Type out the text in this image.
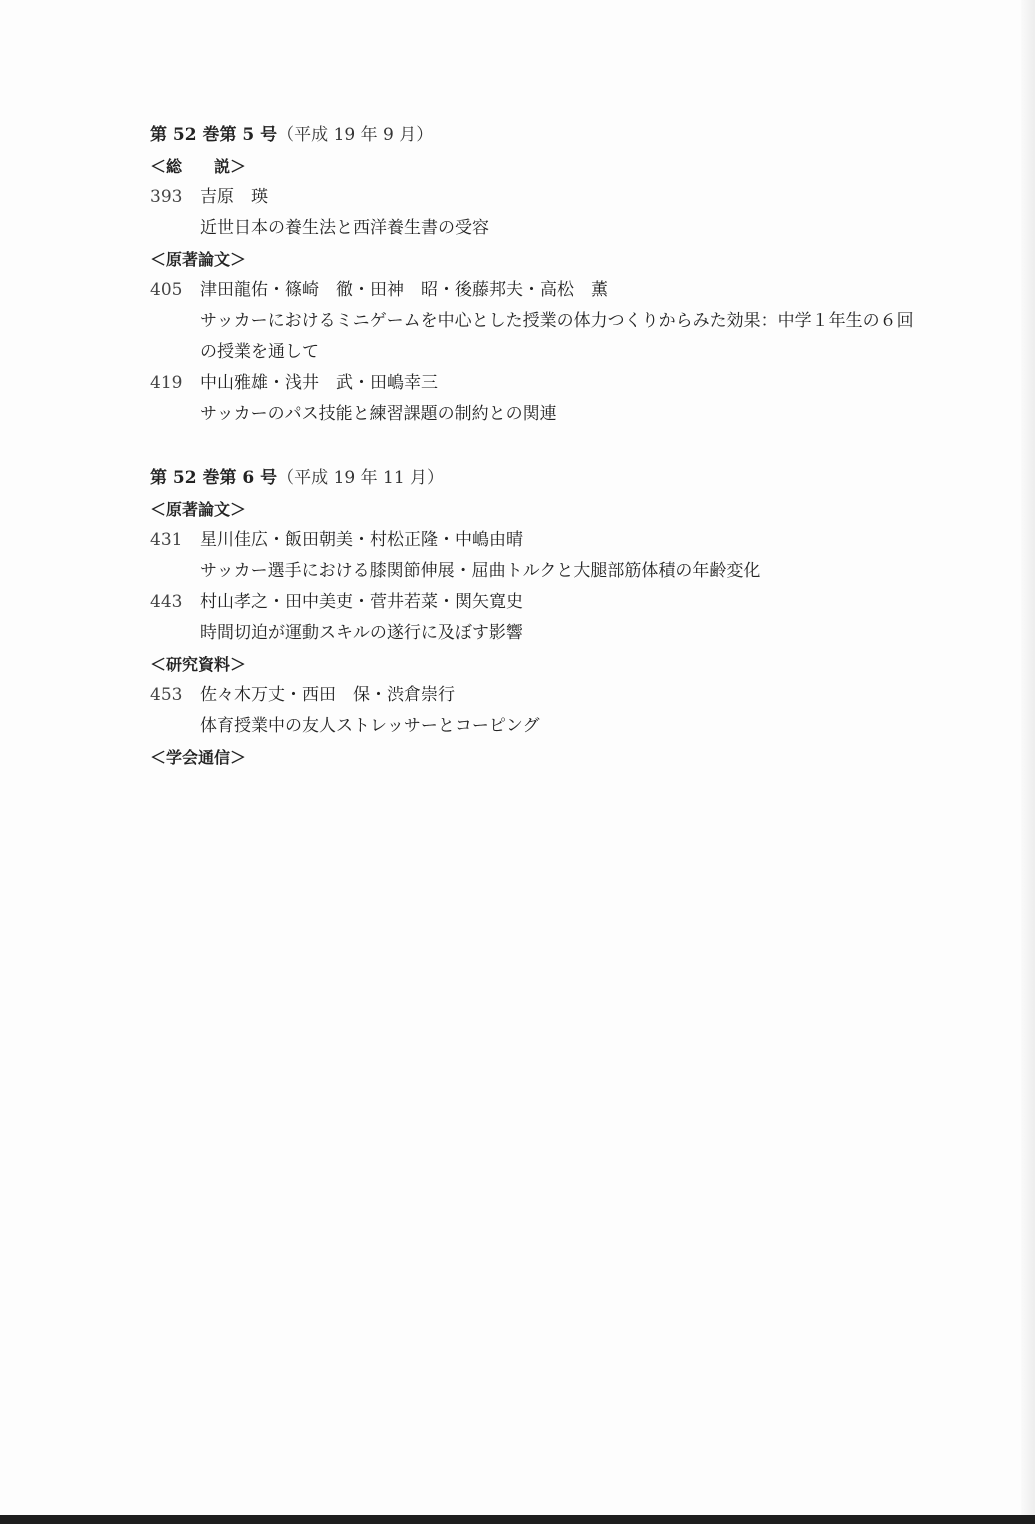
第 52 巻第 5 号（平成 19 年 9 月）
＜総　　説＞
393	吉原　瑛
近世日本の養生法と西洋養生書の受容
＜原著論文＞
405	津田龍佑・篠崎　徹・田神　昭・後藤邦夫・高松　薫
サッカーにおけるミニゲームを中心とした授業の体力つくりからみた効果：中学１年生の６回の授業を通して
419	中山雅雄・浅井　武・田嶋幸三
サッカーのパス技能と練習課題の制約との関連
第 52 巻第 6 号（平成 19 年 11 月）
＜原著論文＞
431	星川佳広・飯田朝美・村松正隆・中嶋由晴
サッカー選手における膝関節伸展・屈曲トルクと大腿部筋体積の年齢変化
443	村山孝之・田中美吏・菅井若菜・関矢寛史
時間切迫が運動スキルの遂行に及ぼす影響
＜研究資料＞
453	佐々木万丈・西田　保・渋倉崇行
体育授業中の友人ストレッサーとコーピング
＜学会通信＞
